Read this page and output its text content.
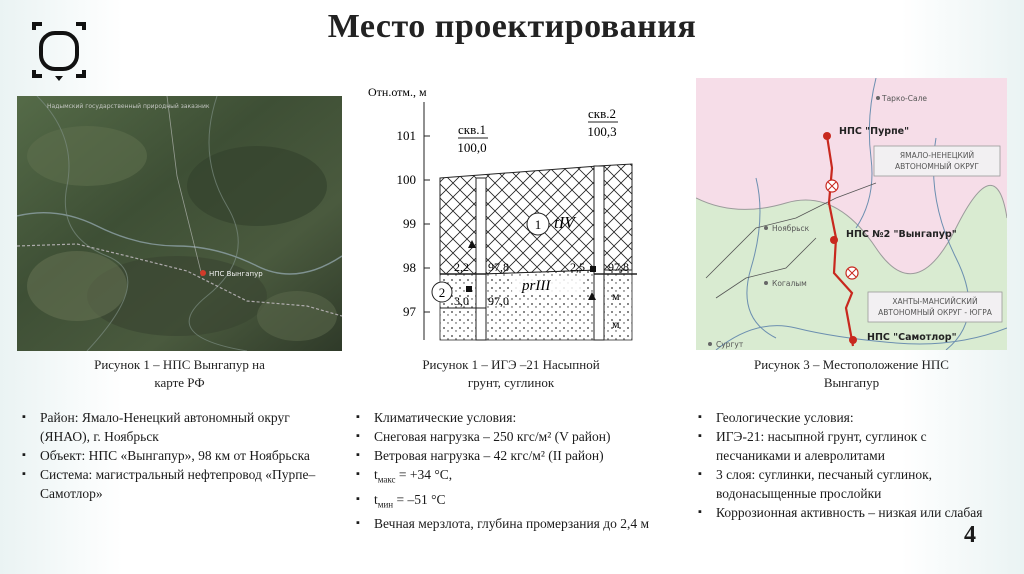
Место проектирования
Надымский государственный природный заказник
НПС Вынгапур
Рисунок 1 – НПС Вынгапур на
карте РФ
Отн.отм., м
101
100
99
98
97
скв.1
100,0
скв.2
100,3
1 tIV
2	prIII
2,2 97,8	2,5 97,8
3,0 97,0	м
м
Рисунок 1 – ИГЭ –21 Насыпной
грунт, суглинок
ЯМАЛО-НЕНЕЦКИЙ
АВТОНОМНЫЙ ОКРУГ
ХАНТЫ-МАНСИЙСКИЙ
АВТОНОМНЫЙ ОКРУГ - ЮГРА
НПС "Пурпе"
НПС №2 "Вынгапур"
НПС "Самотлор"
Тарко-Сале
Ноябрьск
Когалым
Сургут
Рисунок 3 – Местоположение НПС
Вынгапур
▪ Район: Ямало-Ненецкий автономный округ (ЯНАО), г. Ноябрьск
▪ Объект: НПС «Вынгапур», 98 км от Ноябрьска
▪ Система: магистральный нефтепровод «Пурпе–Самотлор»
▪ Климатические условия:
▪ Снеговая нагрузка – 250 кгс/м² (V район)
▪ Ветровая нагрузка – 42 кгс/м² (II район)
▪ $t_{макс} = +34$ °C,
▪ $t_{мин} = -51$ °C
▪ Вечная мерзлота, глубина промерзания до 2,4 м
▪ Геологические условия:
▪ ИГЭ-21: насыпной грунт, суглинок с песчаниками и алевролитами
▪ 3 слоя: суглинки, песчаный суглинок, водонасыщенные прослойки
▪ Коррозионная активность – низкая или слабая
4
